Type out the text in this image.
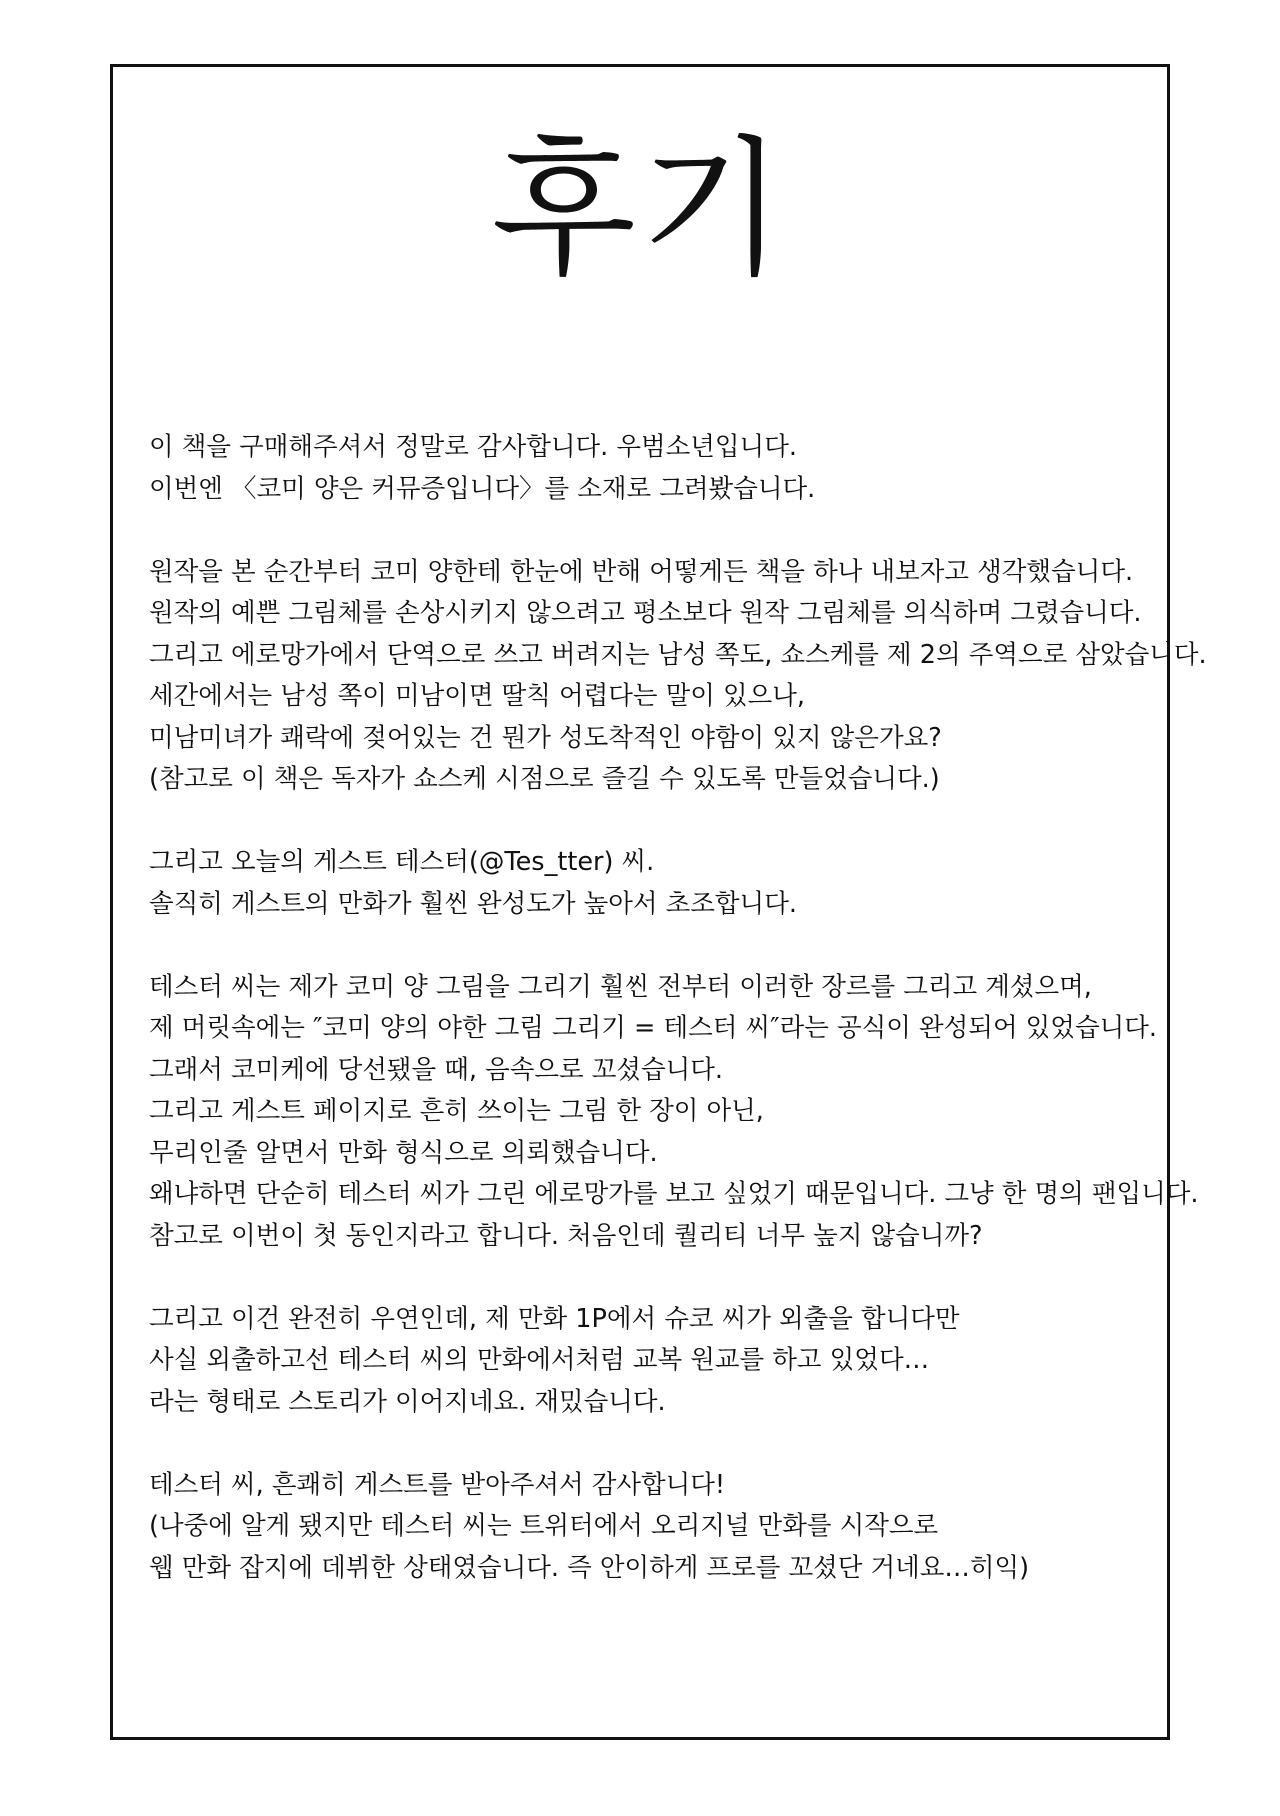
후기

이 책을 구매해주셔서 정말로 감사합니다. 우범소년입니다.
이번엔 〈코미 양은 커뮤증입니다〉를 소재로 그려봤습니다.

원작을 본 순간부터 코미 양한테 한눈에 반해 어떻게든 책을 하나 내보자고 생각했습니다.
원작의 예쁜 그림체를 손상시키지 않으려고 평소보다 원작 그림체를 의식하며 그렸습니다.
그리고 에로망가에서 단역으로 쓰고 버려지는 남성 쪽도, 쇼스케를 제 2의 주역으로 삼았습니다.
세간에서는 남성 쪽이 미남이면 딸칙 어렵다는 말이 있으나,
미남미녀가 쾌락에 젖어있는 건 뭔가 성도착적인 야함이 있지 않은가요?
(참고로 이 책은 독자가 쇼스케 시점으로 즐길 수 있도록 만들었습니다.)

그리고 오늘의 게스트 테스터(@Tes_tter) 씨.
솔직히 게스트의 만화가 훨씬 완성도가 높아서 초조합니다.

테스터 씨는 제가 코미 양 그림을 그리기 훨씬 전부터 이러한 장르를 그리고 계셨으며,
제 머릿속에는 ″코미 양의 야한 그림 그리기 = 테스터 씨″라는 공식이 완성되어 있었습니다.
그래서 코미케에 당선됐을 때, 음속으로 꼬셨습니다.
그리고 게스트 페이지로 흔히 쓰이는 그림 한 장이 아닌,
무리인줄 알면서 만화 형식으로 의뢰했습니다.
왜냐하면 단순히 테스터 씨가 그린 에로망가를 보고 싶었기 때문입니다. 그냥 한 명의 팬입니다.
참고로 이번이 첫 동인지라고 합니다. 처음인데 퀄리티 너무 높지 않습니까?

그리고 이건 완전히 우연인데, 제 만화 1P에서 슈코 씨가 외출을 합니다만
사실 외출하고선 테스터 씨의 만화에서처럼 교복 원교를 하고 있었다…
라는 형태로 스토리가 이어지네요. 재밌습니다.

테스터 씨, 흔쾌히 게스트를 받아주셔서 감사합니다!
(나중에 알게 됐지만 테스터 씨는 트위터에서 오리지널 만화를 시작으로
웹 만화 잡지에 데뷔한 상태였습니다. 즉 안이하게 프로를 꼬셨단 거네요…히익)
